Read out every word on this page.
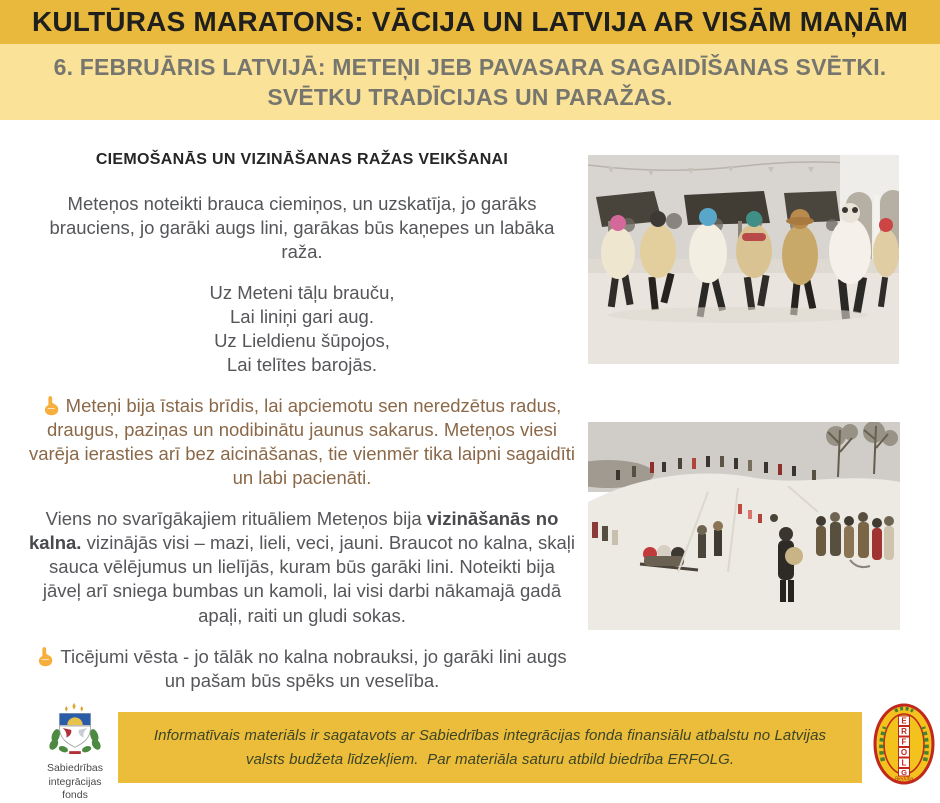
KULTŪRAS MARATONS: VĀCIJA UN LATVIJA AR VISĀM MAŅĀM
6. FEBRUĀRIS LATVIJĀ: METEŅI JEB PAVASARA SAGAIDĪŠANAS SVĒTKI.
SVĒTKU TRADĪCIJAS UN PARAŽAS.
CIEMOŠANĀS UN VIZINĀŠANAS RAŽAS VEIKŠANAI

Meteņos noteikti brauca ciemiņos, un uzskatīja, jo garāks brauciens, jo garāki augs lini, garākas būs kaņepes un labāka raža.

Uz Meteni tāļu brauču,
Lai liniņi gari aug.
Uz Lieldienu šūpojos,
Lai telītes barojās.

Meteņi bija īstais brīdis, lai apciemotu sen neredzētus radus, draugus, paziņas un nodibinātu jaunus sakarus. Meteņos viesi varēja ierasties arī bez aicināšanas, tie vienmēr tika laipni sagaidīti un labi pacienāti.

Viens no svarīgākajiem rituāliem Meteņos bija vizināšanās no kalna. vizinājās visi – mazi, lieli, veci, jauni. Braucot no kalna, skaļi sauca vēlējumus un lielījās, kuram būs garāki lini. Noteikti bija jāveļ arī sniega bumbas un kamoli, lai visi darbi nākamajā gadā apaļi, raiti un gludi sokas.

Ticējumi vēsta - jo tālāk no kalna nobrauksi, jo garāki lini augs un pašam būs spēks un veselība.

Informatīvais materiāls ir sagatavots ar Sabiedrības integrācijas fonda finansiālu atbalstu no Latvijas
valsts budžeta līdzekļiem.  Par materiāla saturu atbild biedrība ERFOLG.
Sabiedrības integrācijas
fonds
E
R
F
O
L
G
Biedrība
